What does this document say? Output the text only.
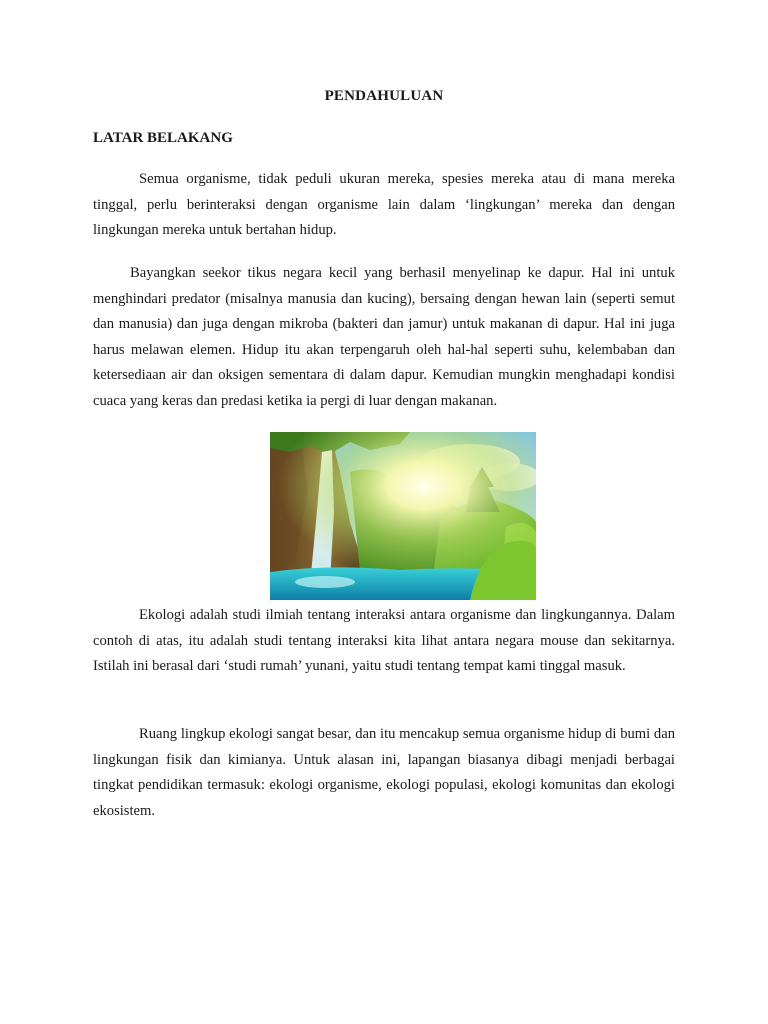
PENDAHULUAN
LATAR BELAKANG

Semua organisme, tidak peduli ukuran mereka, spesies mereka atau di mana mereka tinggal, perlu berinteraksi dengan organisme lain dalam ‘lingkungan’ mereka dan dengan lingkungan mereka untuk bertahan hidup.

Bayangkan seekor tikus negara kecil yang berhasil menyelinap ke dapur. Hal ini untuk menghindari predator (misalnya manusia dan kucing), bersaing dengan hewan lain (seperti semut dan manusia) dan juga dengan mikroba (bakteri dan jamur) untuk makanan di dapur. Hal ini juga harus melawan elemen. Hidup itu akan terpengaruh oleh hal-hal seperti suhu, kelembaban dan ketersediaan air dan oksigen sementara di dalam dapur. Kemudian mungkin menghadapi kondisi cuaca yang keras dan predasi ketika ia pergi di luar dengan makanan.

Ekologi adalah studi ilmiah tentang interaksi antara organisme dan lingkungannya. Dalam contoh di atas, itu adalah studi tentang interaksi kita lihat antara negara mouse dan sekitarnya. Istilah ini berasal dari ‘studi rumah’ yunani, yaitu studi tentang tempat kami tinggal masuk.

Ruang lingkup ekologi sangat besar, dan itu mencakup semua organisme hidup di bumi dan lingkungan fisik dan kimianya. Untuk alasan ini, lapangan biasanya dibagi menjadi berbagai tingkat pendidikan termasuk: ekologi organisme, ekologi populasi, ekologi komunitas dan ekologi ekosistem.
